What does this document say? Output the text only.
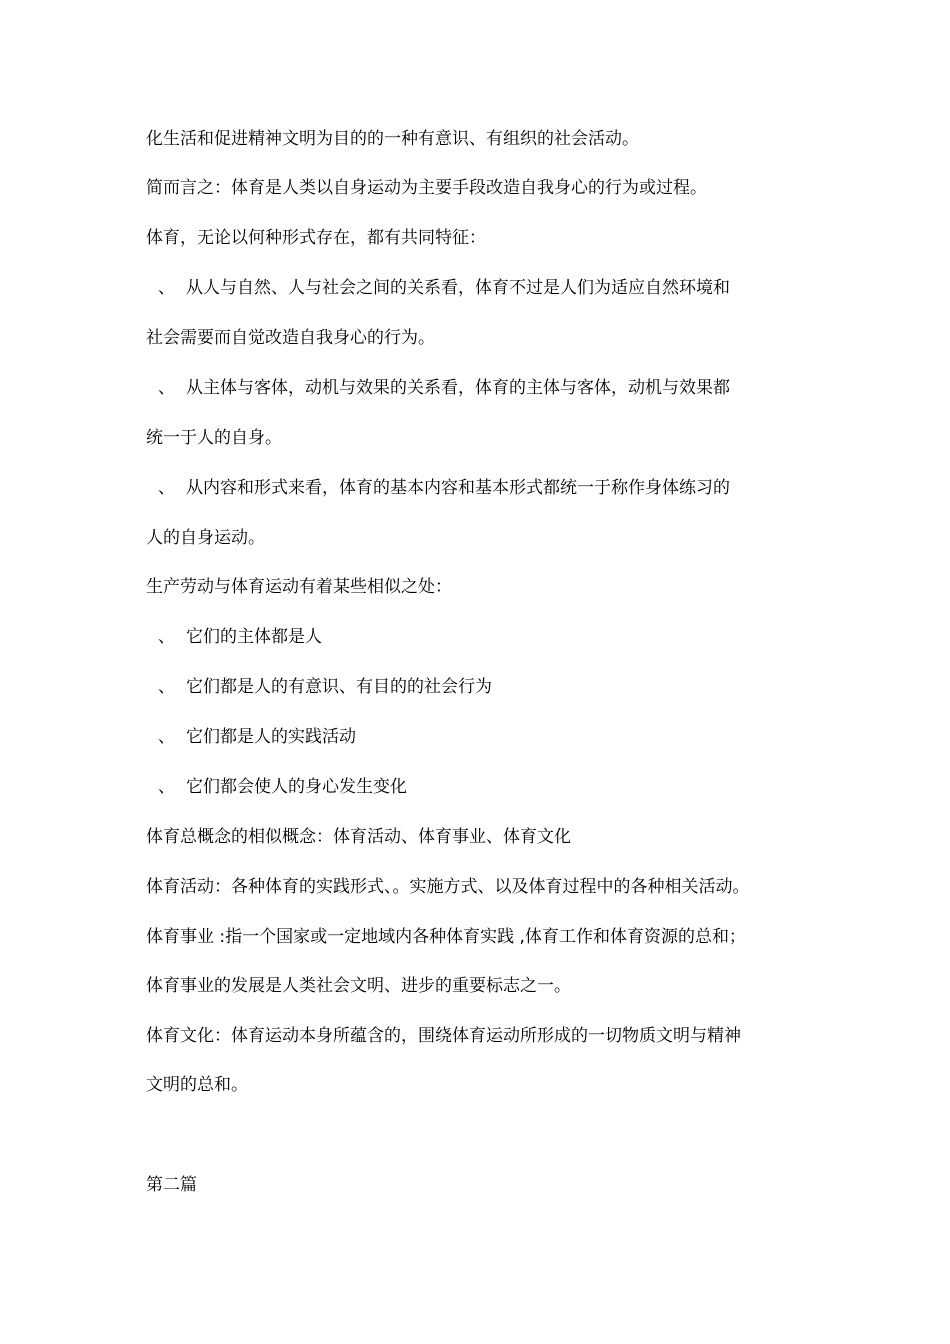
化生活和促进精神文明为目的的一种有意识、有组织的社会活动。
简而言之：体育是人类以自身运动为主要手段改造自我身心的行为或过程。
体育，无论以何种形式存在，都有共同特征：
、 从人与自然、人与社会之间的关系看，体育不过是人们为适应自然环境和
社会需要而自觉改造自我身心的行为。
、 从主体与客体，动机与效果的关系看，体育的主体与客体，动机与效果都
统一于人的自身。
、 从内容和形式来看，体育的基本内容和基本形式都统一于称作身体练习的
人的自身运动。
生产劳动与体育运动有着某些相似之处：
、 它们的主体都是人
、 它们都是人的有意识、有目的的社会行为
、 它们都是人的实践活动
、 它们都会使人的身心发生变化
体育总概念的相似概念：体育活动、体育事业、体育文化
体育活动：各种体育的实践形式、。实施方式、以及体育过程中的各种相关活动。
体育事业 :指一个国家或一定地域内各种体育实践 ,体育工作和体育资源的总和；
体育事业的发展是人类社会文明、进步的重要标志之一。
体育文化：体育运动本身所蕴含的，围绕体育运动所形成的一切物质文明与精神
文明的总和。
第二篇
